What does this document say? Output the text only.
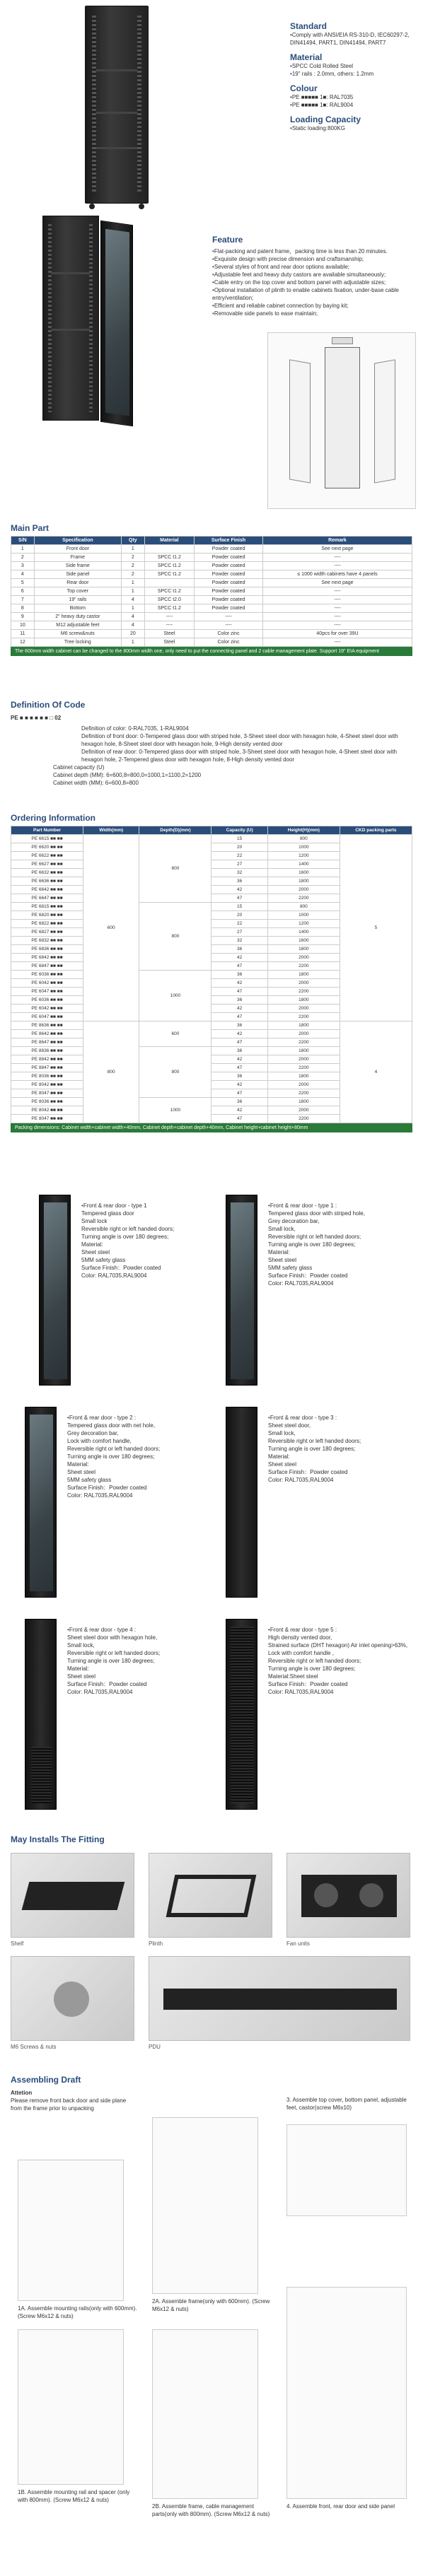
Standard
• Comply with ANSI/EIA RS-310-D, IEC60297-2, DIN41494, PART1, DIN41494, PART7
Material
• SPCC Cold Rolled Steel
• 19" rails : 2.0mm, others: 1.2mm
Colour
• PE ■■■■■ 1■: RAL7035
• PE ■■■■■ 1■: RAL9004
Loading Capacity
• Static loading:800KG
Feature
• Flat-packing and patent frame，packing time is less than 20 minutes.
• Exquisite design with precise dimension and craftsmanship;
• Several styles of front and rear door options available;
• Adjustable feet and heavy duty castors are available simultaneously;
• Cable entry on the top cover and bottom panel with adjustable sizes;
• Optional installation of plinth to enable cabinets fixation, under-base cable entry/ventilation;
• Efficient and reliable cabinet connection by baying kit;
• Removable side panels to ease maintain;
Main Part
S/N	Specification	Qty	Material	Surface Finish	Remark
1	Front door	1		Powder coated	See next page
2	Frame	2	SPCC t1.2	Powder coated	----
3	Side frame	2	SPCC t1.2	Powder coated	----
4	Side panel	2	SPCC t1.2	Powder coated	≤ 1000 width cabinets have 4 panels
5	Rear door	1		Powder coated	See next page
6	Top cover	1	SPCC t1.2	Powder coated	----
7	19" rails	4	SPCC t2.0	Powder coated	----
8	Bottom	1	SPCC t1.2	Powder coated	----
9	2" heavy duty castor	4	----	----	----
10	M12 adjustable feet	4	----	----	----
11	M6 screw&nuts	20	Steel	Color zinc	40pcs for over 39U
12	Tree locking	1	Steel	Color zinc	----
The 600mm width cabinet can be changed to the 800mm width one, only need to put the connecting panel and 2 cable management plate. Support 19" EIA equipment
Definition Of Code
PE ■ ■ ■ ■ ■ ■ □ 02
Definition of color: 0-RAL7035, 1-RAL9004
Definition of front door: 0-Tempered glass door with striped hole, 3-Sheet steel door with hexagon hole, 4-Sheet steel door with hexagon hole, 8-Sheet steel door with hexagon hole, 9-High density vented door
Definition of rear door: 0-Tempered glass door with striped hole, 3-Sheet steel door with hexagon hole, 4-Sheet steel door with hexagon hole, 2-Tempered glass door with hexagon hole, 8-High density vented door
Cabinet capacity (U)
Cabinet depth (MM): 6=600,8=800,0=1000,1=1100,2=1200
Cabinet width (MM): 6=600,8=800
Ordering Information
Part Number	Width(mm)	Depth(D)(mm)	Capacity (U)	Height(H)(mm)	CKD packing parts
PE 6615 ■■ ■■	600	600	15	800	5
PE 6620 ■■ ■■			20	1000	
PE 6622 ■■ ■■			22	1200	
PE 6627 ■■ ■■			27	1400	
PE 6632 ■■ ■■			32	1600	
PE 6636 ■■ ■■			36	1800	
PE 6642 ■■ ■■			42	2000	
PE 6647 ■■ ■■			47	2200	
PE 6815 ■■ ■■		800	15	800	
PE 6820 ■■ ■■			20	1000	
PE 6822 ■■ ■■			22	1200	
PE 6827 ■■ ■■			27	1400	
PE 6832 ■■ ■■			32	1600	
PE 6836 ■■ ■■			36	1800	
PE 6842 ■■ ■■			42	2000	
PE 6847 ■■ ■■			47	2200	
PE 6036 ■■ ■■		1000	36	1800	
PE 6042 ■■ ■■			42	2000	
PE 6047 ■■ ■■			47	2200	
PE 6036 ■■ ■■			36	1800	
PE 6042 ■■ ■■			42	2000	
PE 6047 ■■ ■■			47	2200	
PE 8636 ■■ ■■	800	600	36	1800	4
PE 8642 ■■ ■■			42	2000	
PE 8647 ■■ ■■			47	2200	
PE 8836 ■■ ■■		800	36	1800	
PE 8842 ■■ ■■			42	2000	
PE 8847 ■■ ■■			47	2200	
PE 8036 ■■ ■■			36	1800	
PE 8042 ■■ ■■			42	2000	
PE 8047 ■■ ■■			47	2200	
PE 8036 ■■ ■■		1000	36	1800	
PE 8042 ■■ ■■			42	2000	
PE 8047 ■■ ■■			47	2200	
Packing dimensions: Cabinet width+cabinet width+40mm, Cabinet depth+cabinet depth+40mm, Cabinet height+cabinet height+80mm
• Front & rear door - type 1
Tempered glass door
Small lock
Reversible right or left handed doors;
Turning angle is over 180 degrees;
Material:
Sheet steel
5MM safety glass
Surface Finish：Powder coated
Color: RAL7035,RAL9004
• Front & rear door - type 1 :
Tempered glass door with striped hole,
Grey decoration bar,
Small lock,
Reversible right or left handed doors;
Turning angle is over 180 degrees;
Material:
Sheet steel
5MM safety glass
Surface Finish：Powder coated
Color: RAL7035,RAL9004
• Front & rear door - type 2 :
Tempered glass door with net hole,
Grey decoration bar,
Lock with comfort handle,
Reversible right or left handed doors;
Turning angle is over 180 degrees;
Material:
Sheet steel
5MM safety glass
Surface Finish：Powder coated
Color: RAL7035,RAL9004
• Front & rear door - type 3 :
Sheet steel door,
Small lock,
Reversible right or left handed doors;
Turning angle is over 180 degrees;
Material:
Sheet steel
Surface Finish：Powder coated
Color: RAL7035,RAL9004
• Front & rear door - type 4 :
Sheet steel door with hexagon hole,
Small lock,
Reversible right or left handed doors;
Turning angle is over 180 degrees;
Material:
Sheet steel
Surface Finish：Powder coated
Color: RAL7035,RAL9004
• Front & rear door - type 5 :
High density vented door,
Strained surface (DHT hexagon) Air inlet opening>63%,
Lock with comfort handle ,
Reversible right or left handed doors;
Turning angle is over 180 degrees;
Material:Sheet steel
Surface Finish：Powder coated
Color: RAL7035,RAL9004
May Installs The Fitting
Shelf	Plinth	Fan units
M6 Screws & nuts	PDU
Assembling Draft
Attetion
Please remove front back door and side plane from the frame prior to unpacking
1A. Assemble mounting rails(only with 600mm). (Screw M6x12 & nuts)
2A. Assemble frame(only with 600mm). (Screw M6x12 & nuts)
3. Assemble top cover, bottom panel, adjustable feet, castor(screw M6x10)
1B. Assemble mounting rail and spacer (only with 800mm). (Screw M6x12 & nuts)
2B. Assemble frame, cable management parts(only with 800mm). (Screw M6x12 & nuts)
4. Assemble front, rear door and side panel
